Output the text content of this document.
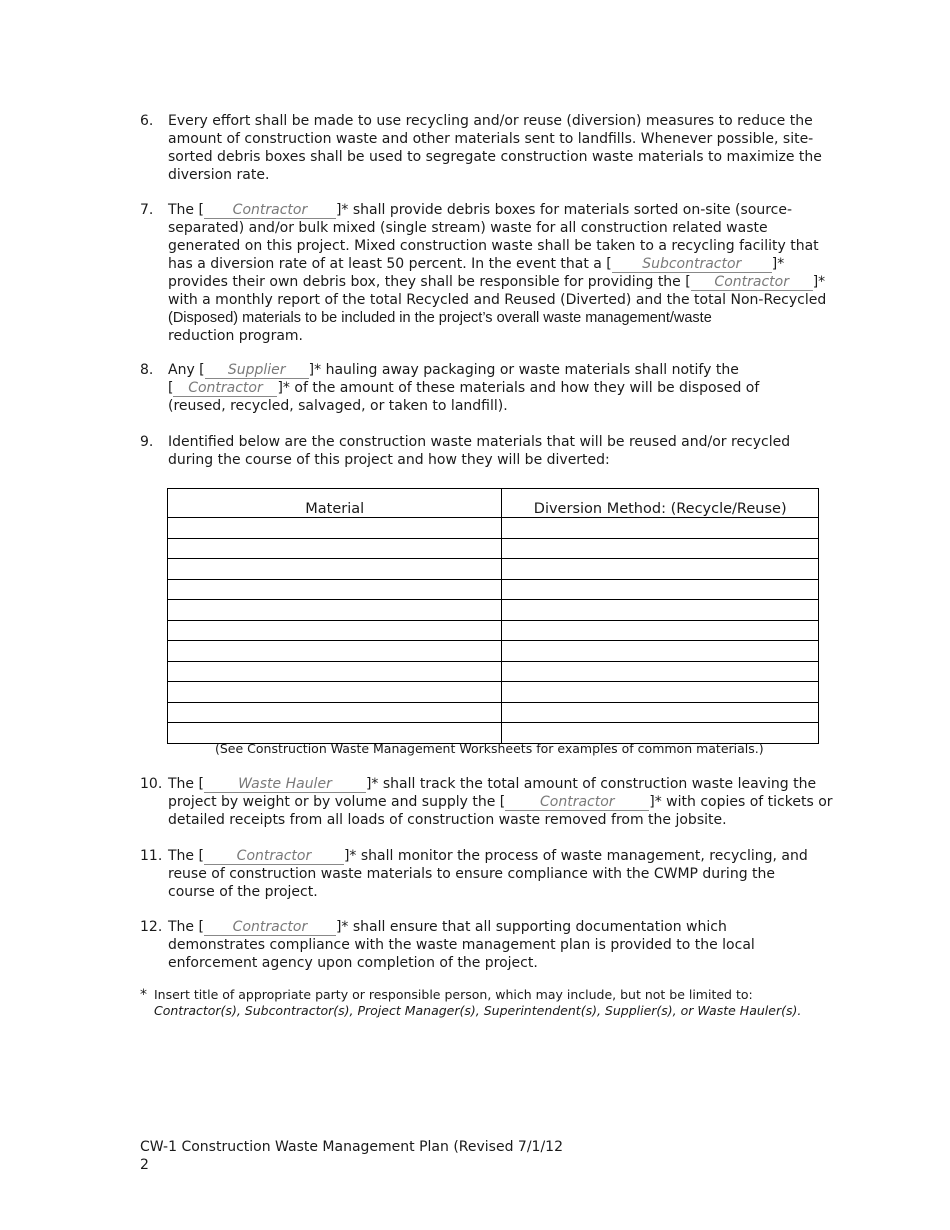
6.	Every effort shall be made to use recycling and/or reuse (diversion) measures to reduce the
amount of construction waste and other materials sent to landfills. Whenever possible, site-
sorted debris boxes shall be used to segregate construction waste materials to maximize the
diversion rate.
7.	The [ Contractor ]* shall provide debris boxes for materials sorted on-site (source-
separated) and/or bulk mixed (single stream) waste for all construction related waste
generated on this project. Mixed construction waste shall be taken to a recycling facility that
has a diversion rate of at least 50 percent. In the event that a [ Subcontractor ]*
provides their own debris box, they shall be responsible for providing the [ Contractor ]*
with a monthly report of the total Recycled and Reused (Diverted) and the total Non-Recycled
(Disposed) materials to be included in the project’s overall waste management/waste
reduction program.
8.	Any [ Supplier ]* hauling away packaging or waste materials shall notify the
[ Contractor ]* of the amount of these materials and how they will be disposed of
(reused, recycled, salvaged, or taken to landfill).
9.	Identified below are the construction waste materials that will be reused and/or recycled
during the course of this project and how they will be diverted:
Material	Diversion Method: (Recycle/Reuse)

(See Construction Waste Management Worksheets for examples of common materials.)
10. The [ Waste Hauler ]* shall track the total amount of construction waste leaving the
project by weight or by volume and supply the [ Contractor ]* with copies of tickets or
detailed receipts from all loads of construction waste removed from the jobsite.
11. The [ Contractor ]* shall monitor the process of waste management, recycling, and
reuse of construction waste materials to ensure compliance with the CWMP during the
course of the project.
12. The [ Contractor ]* shall ensure that all supporting documentation which
demonstrates compliance with the waste management plan is provided to the local
enforcement agency upon completion of the project.
* Insert title of appropriate party or responsible person, which may include, but not be limited to:
Contractor(s), Subcontractor(s), Project Manager(s), Superintendent(s), Supplier(s), or Waste Hauler(s).
CW-1 Construction Waste Management Plan (Revised 7/1/12
2
